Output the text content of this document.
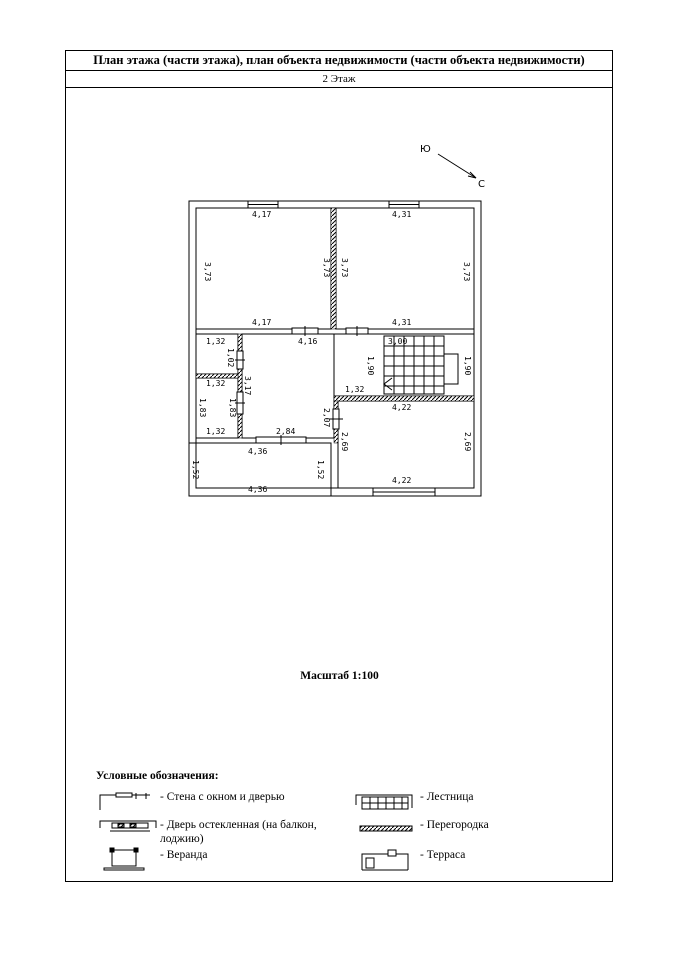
План этажа (части этажа), план объекта недвижимости (части объекта недвижимости)
2 Этаж
Ю
С
4,17
4,17
3,73	3,73
4,31
4,31
3,73	3,73
4,16	3,00
1,90	1,90
1,32
3,17
1,32
1,02
1,32
1,32
1,83	1,83
2,84
2,07
4,22
4,22
2,69	2,69
4,36
4,36
1,52	1,52
Масштаб 1:100
Условные обозначения:
- Стена с окном и дверью
- Дверь остекленная (на балкон, лоджию)
- Веранда
- Лестница
- Перегородка
- Терраса
